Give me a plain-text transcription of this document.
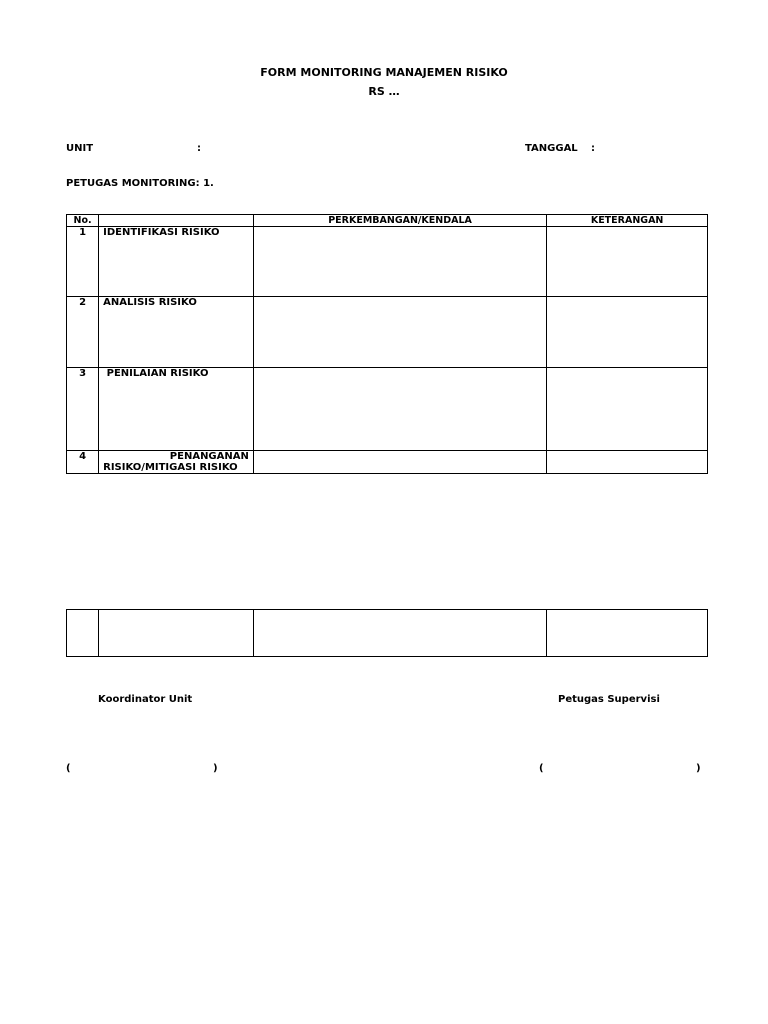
FORM MONITORING MANAJEMEN RISIKO
RS …
UNIT	:	TANGGAL :
PETUGAS MONITORING: 1.
No.		PERKEMBANGAN/KENDALA	KETERANGAN
1	IDENTIFIKASI RISIKO		
2	ANALISIS RISIKO		
3	PENILAIAN RISIKO		
4	PENANGANAN
RISIKO/MITIGASI RISIKO		

Koordinator Unit	Petugas Supervisi
(	)	(	)
